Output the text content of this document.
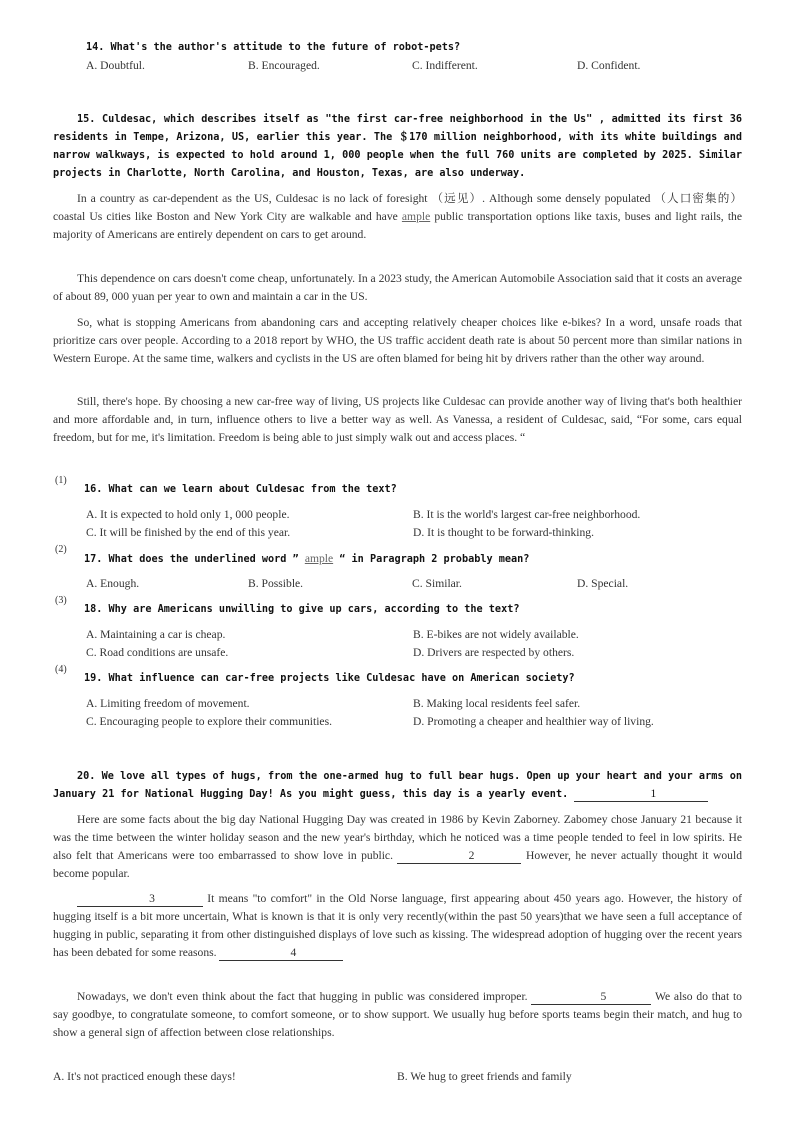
14. What's the author's attitude to the future of robot-pets?
A. Doubtful.	B. Encouraged.	C. Indifferent.	D. Confident.
15. Culdesac, which describes itself as "the first car-free neighborhood in the Us" , admitted its first 36 residents in Tempe, Arizona, US, earlier this year. The ＄170 million neighborhood, with its white buildings and narrow walkways, is expected to hold around 1, 000 people when the full 760 units are completed by 2025. Similar projects in Charlotte, North Carolina, and Houston, Texas, are also underway.
In a country as car-dependent as the US, Culdesac is no lack of foresight （远见）. Although some densely populated （人口密集的） coastal Us cities like Boston and New York City are walkable and have ample public transportation options like taxis, buses and light rails, the majority of Americans are entirely dependent on cars to get around.
This dependence on cars doesn't come cheap, unfortunately. In a 2023 study, the American Automobile Association said that it costs an average of about 89, 000 yuan per year to own and maintain a car in the US.
So, what is stopping Americans from abandoning cars and accepting relatively cheaper choices like e-bikes? In a word, unsafe roads that prioritize cars over people. According to a 2018 report by WHO, the US traffic accident death rate is about 50 percent more than similar nations in Western Europe. At the same time, walkers and cyclists in the US are often blamed for being hit by drivers rather than the other way around.
Still, there's hope. By choosing a new car-free way of living, US projects like Culdesac can provide another way of living that's both healthier and more affordable and, in turn, influence others to live a better way as well. As Vanessa, a resident of Culdesac, said, “For some, cars equal freedom, but for me, it's limitation. Freedom is being able to just simply walk out and access places. “
(1)
16. What can we learn about Culdesac from the text?
A. It is expected to hold only 1, 000 people.	B. It is the world's largest car-free neighborhood.
C. It will be finished by the end of this year.	D. It is thought to be forward-thinking.
(2)
17. What does the underlined word ” ample “ in Paragraph 2 probably mean?
A. Enough.	B. Possible.	C. Similar.	D. Special.
(3)
18. Why are Americans unwilling to give up cars, according to the text?
A. Maintaining a car is cheap.	B. E-bikes are not widely available.
C. Road conditions are unsafe.	D. Drivers are respected by others.
(4)
19. What influence can car-free projects like Culdesac have on American society?
A. Limiting freedom of movement.	B. Making local residents feel safer.
C. Encouraging people to explore their communities.	D. Promoting a cheaper and healthier way of living.
20. We love all types of hugs, from the one-armed hug to full bear hugs. Open up your heart and your arms on January 21 for National Hugging Day! As you might guess, this day is a yearly event.	1
Here are some facts about the big day National Hugging Day was created in 1986 by Kevin Zaborney. Zabomey chose January 21 because it was the time between the winter holiday season and the new year's birthday, which he noticed was a time people tended to feel in low spirits. He also felt that Americans were too embarrassed to show love in public.	2	However, he never actually thought it would become popular.
3	It means "to comfort" in the Old Norse language, first appearing about 450 years ago. However, the history of hugging itself is a bit more uncertain, What is known is that it is only very recently(within the past 50 years)that we have seen a full acceptance of hugging in public, separating it from other distinguished displays of love such as kissing. The widespread adoption of hugging over the recent years has been debated for some reasons.	4
Nowadays, we don't even think about the fact that hugging in public was considered improper.	5	We also do that to say goodbye, to congratulate someone, to comfort someone, or to show support. We usually hug before sports teams begin their match, and hug to show a general sign of affection between close relationships.
A. It's not practiced enough these days!	B. We hug to greet friends and family
